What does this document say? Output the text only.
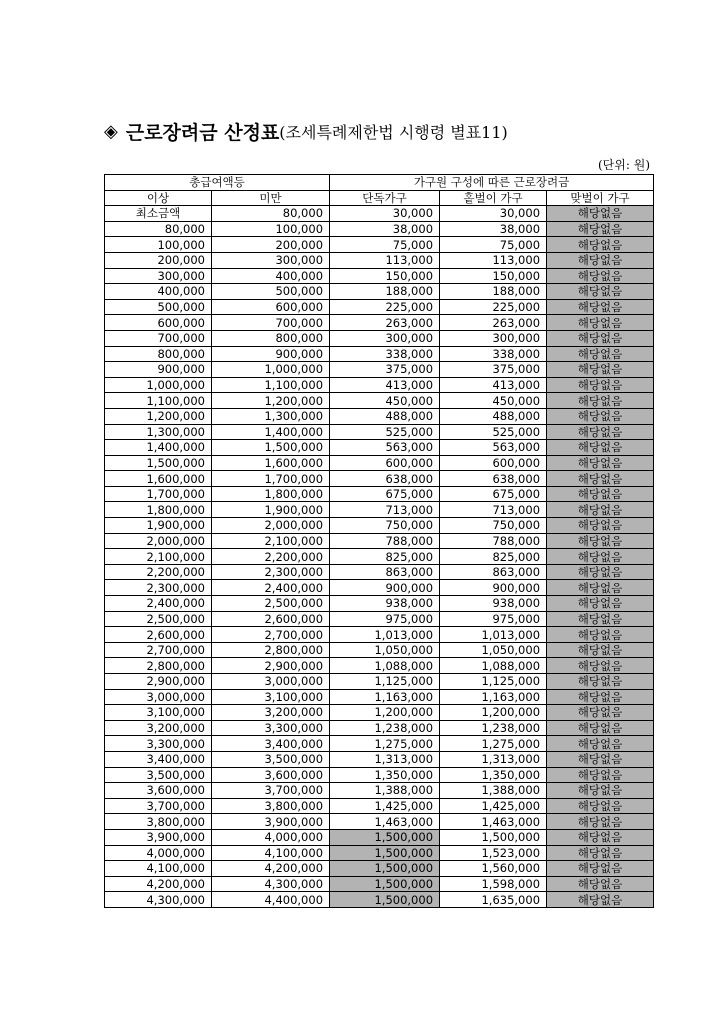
◈ 근로장려금 산정표(조세특례제한법 시행령 별표11)
(단위: 원)
총급여액등		가구원 구성에 따른 근로장려금		
이상	미만	단독가구	홑벌이 가구	맞벌이 가구
최소금액	80,000	30,000	30,000	해당없음
80,000	100,000	38,000	38,000	해당없음
100,000	200,000	75,000	75,000	해당없음
200,000	300,000	113,000	113,000	해당없음
300,000	400,000	150,000	150,000	해당없음
400,000	500,000	188,000	188,000	해당없음
500,000	600,000	225,000	225,000	해당없음
600,000	700,000	263,000	263,000	해당없음
700,000	800,000	300,000	300,000	해당없음
800,000	900,000	338,000	338,000	해당없음
900,000	1,000,000	375,000	375,000	해당없음
1,000,000	1,100,000	413,000	413,000	해당없음
1,100,000	1,200,000	450,000	450,000	해당없음
1,200,000	1,300,000	488,000	488,000	해당없음
1,300,000	1,400,000	525,000	525,000	해당없음
1,400,000	1,500,000	563,000	563,000	해당없음
1,500,000	1,600,000	600,000	600,000	해당없음
1,600,000	1,700,000	638,000	638,000	해당없음
1,700,000	1,800,000	675,000	675,000	해당없음
1,800,000	1,900,000	713,000	713,000	해당없음
1,900,000	2,000,000	750,000	750,000	해당없음
2,000,000	2,100,000	788,000	788,000	해당없음
2,100,000	2,200,000	825,000	825,000	해당없음
2,200,000	2,300,000	863,000	863,000	해당없음
2,300,000	2,400,000	900,000	900,000	해당없음
2,400,000	2,500,000	938,000	938,000	해당없음
2,500,000	2,600,000	975,000	975,000	해당없음
2,600,000	2,700,000	1,013,000	1,013,000	해당없음
2,700,000	2,800,000	1,050,000	1,050,000	해당없음
2,800,000	2,900,000	1,088,000	1,088,000	해당없음
2,900,000	3,000,000	1,125,000	1,125,000	해당없음
3,000,000	3,100,000	1,163,000	1,163,000	해당없음
3,100,000	3,200,000	1,200,000	1,200,000	해당없음
3,200,000	3,300,000	1,238,000	1,238,000	해당없음
3,300,000	3,400,000	1,275,000	1,275,000	해당없음
3,400,000	3,500,000	1,313,000	1,313,000	해당없음
3,500,000	3,600,000	1,350,000	1,350,000	해당없음
3,600,000	3,700,000	1,388,000	1,388,000	해당없음
3,700,000	3,800,000	1,425,000	1,425,000	해당없음
3,800,000	3,900,000	1,463,000	1,463,000	해당없음
3,900,000	4,000,000	1,500,000	1,500,000	해당없음
4,000,000	4,100,000	1,500,000	1,523,000	해당없음
4,100,000	4,200,000	1,500,000	1,560,000	해당없음
4,200,000	4,300,000	1,500,000	1,598,000	해당없음
4,300,000	4,400,000	1,500,000	1,635,000	해당없음
